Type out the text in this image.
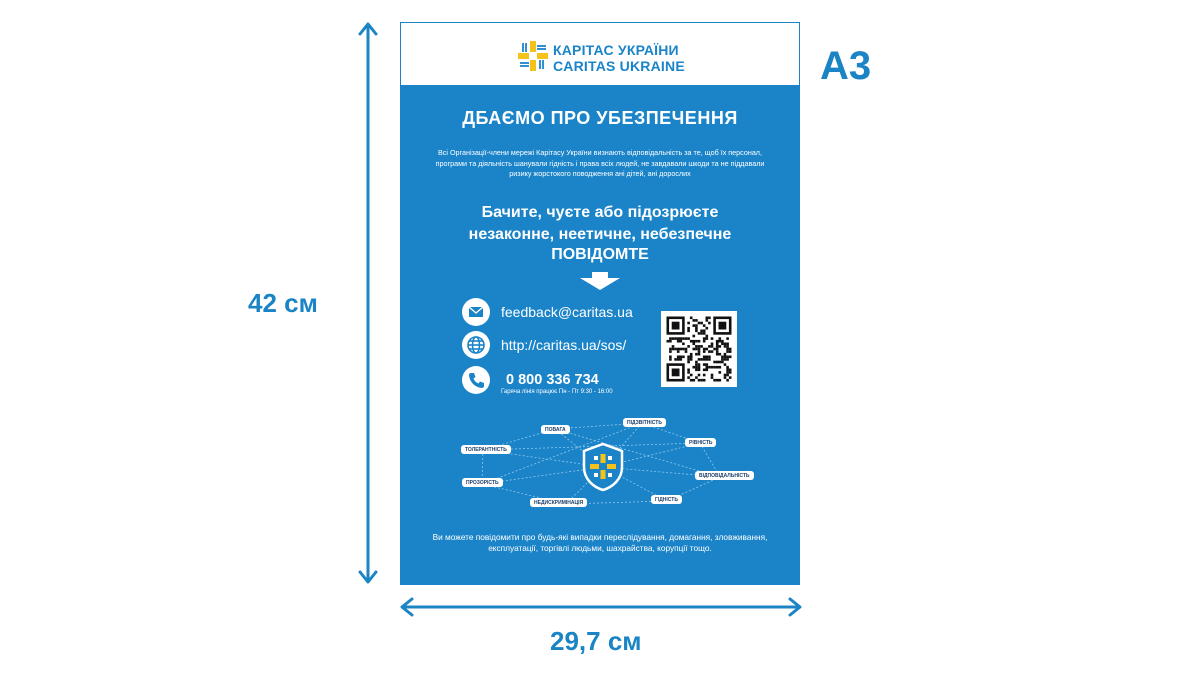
42 см
29,7 см
A3
КАРІТАС УКРАЇНИ
CARITAS UKRAINE
ДБАЄМО ПРО УБЕЗПЕЧЕННЯ
Всі Організації-члени мережі Карітасу України визнають відповідальність за те, щоб їх персонал, програми та діяльність шанували гідність і права всіх людей, не завдавали шкоди та не піддавали ризику жорстокого поводження ані дітей, ані дорослих
Бачите, чуєте або підозрюєте
незаконне, неетичне, небезпечне
ПОВІДОМТЕ
feedback@caritas.ua
http://caritas.ua/sos/
0 800 336 734
Гаряча лінія працює Пн - Пт 9:30 - 16:00
ПОВАГА
ПІДЗВІТНІСТЬ
РІВНІСТЬ
ТОЛЕРАНТНІСТЬ
ВІДПОВІДАЛЬНІСТЬ
ПРОЗОРІСТЬ
ГІДНІСТЬ
НЕДИСКРИМІНАЦІЯ
Ви можете повідомити про будь-які випадки переслідування, домагання, зловживання, експлуатації, торгівлі людьми, шахрайства, корупції тощо.
